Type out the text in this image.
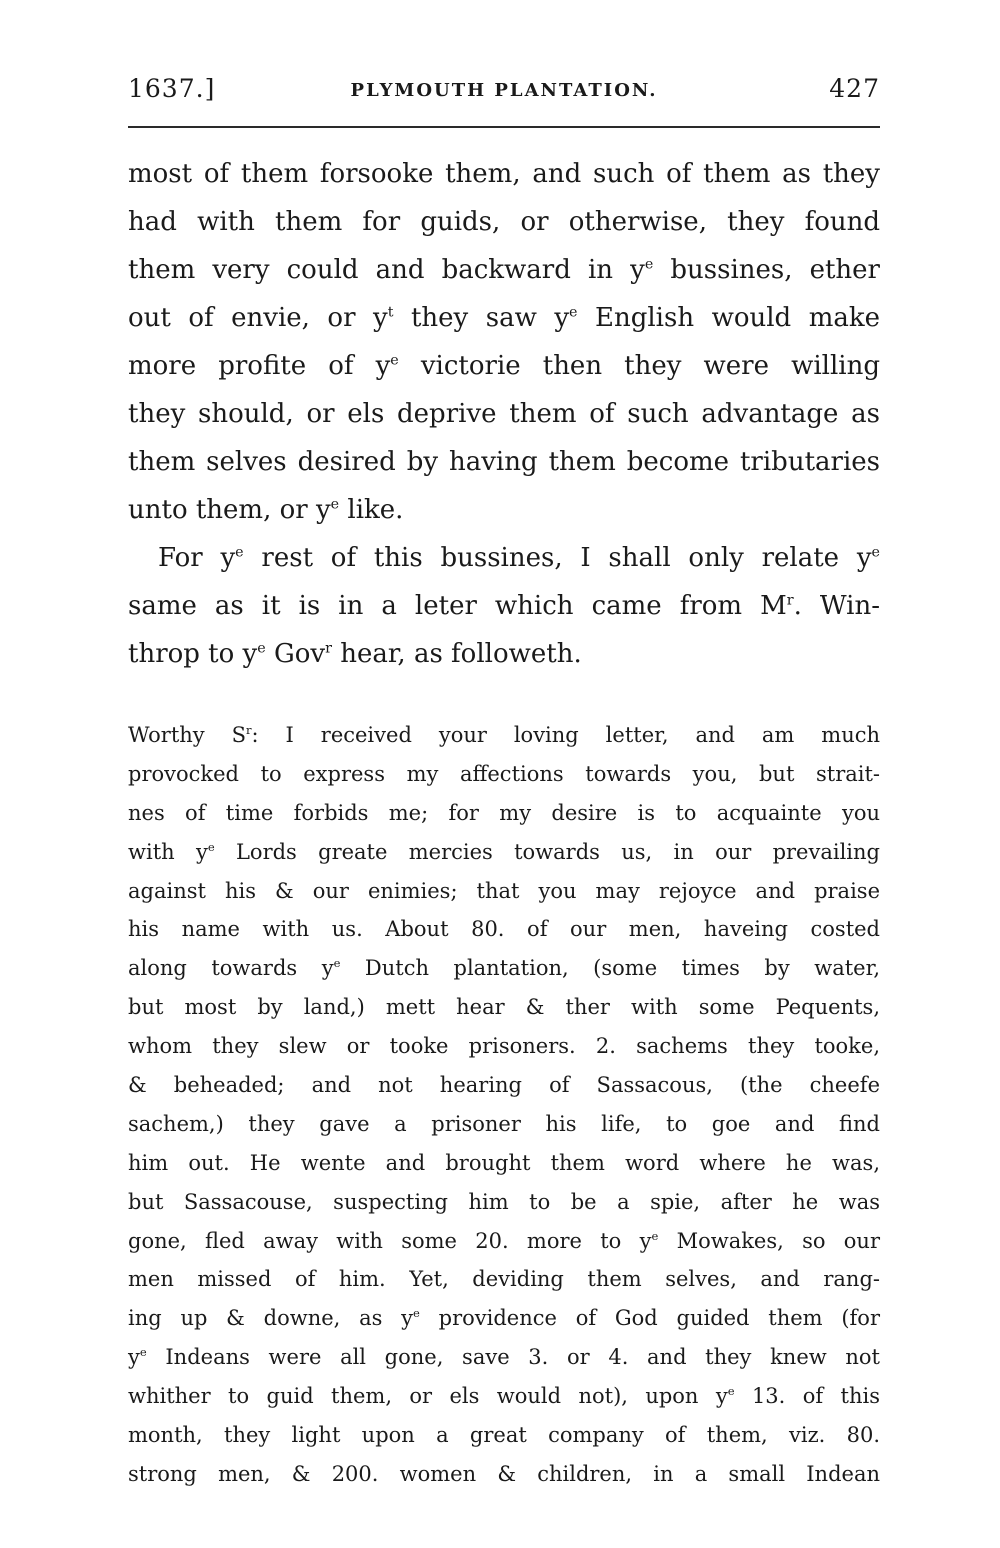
1637.]	PLYMOUTH PLANTATION.	427
most of them forsooke them, and such of them as they
had with them for guids, or otherwise, they found
them very could and backward in $y^e$ bussines, ether
out of envie, or $y^t$ they saw $y^e$ English would make
more profite of $y^e$ victorie then they were willing
they should, or els deprive them of such advantage as
them selves desired by having them become tributaries
unto them, or $y^e$ like.
For $y^e$ rest of this bussines, I shall only relate $y^e$
same as it is in a leter which came from $M^r$. Win-
throp to $y^e$ Gov$^r$ hear, as followeth.
Worthy $S^r$: I received your loving letter, and am much
provocked to express my affections towards you, but strait-
nes of time forbids me; for my desire is to acquainte you
with $y^e$ Lords greate mercies towards us, in our prevailing
against his & our enimies; that you may rejoyce and praise
his name with us. About 80. of our men, haveing costed
along towards $y^e$ Dutch plantation, (some times by water,
but most by land,) mett hear & ther with some Pequents,
whom they slew or tooke prisoners. 2. sachems they tooke,
& beheaded; and not hearing of Sassacous, (the cheefe
sachem,) they gave a prisoner his life, to goe and find
him out. He wente and brought them word where he was,
but Sassacouse, suspecting him to be a spie, after he was
gone, fled away with some 20. more to $y^e$ Mowakes, so our
men missed of him. Yet, deviding them selves, and rang-
ing up & downe, as $y^e$ providence of God guided them (for
$y^e$ Indeans were all gone, save 3. or 4. and they knew not
whither to guid them, or els would not), upon $y^e$ 13. of this
month, they light upon a great company of them, viz. 80.
strong men, & 200. women & children, in a small Indean
